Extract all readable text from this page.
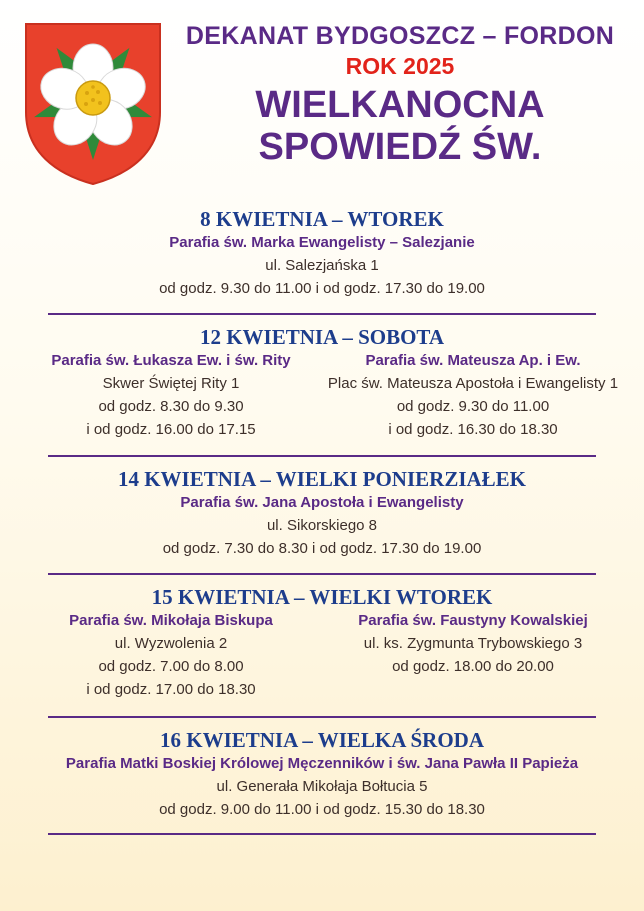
DEKANAT BYDGOSZCZ – FORDON
ROK 2025
WIELKANOCNA
SPOWIEDŹ ŚW.
8 KWIETNIA – WTOREK
Parafia św. Marka Ewangelisty – Salezjanie
ul. Salezjańska 1
od godz. 9.30 do 11.00 i od godz. 17.30 do 19.00
12 KWIETNIA – SOBOTA
Parafia św. Łukasza Ew. i św. Rity
Skwer Świętej Rity 1
od godz. 8.30 do 9.30
i od godz. 16.00 do 17.15
Parafia św. Mateusza Ap. i Ew.
Plac św. Mateusza Apostoła i Ewangelisty 1
od godz. 9.30 do 11.00
i od godz. 16.30 do 18.30
14 KWIETNIA – WIELKI PONIERZIAŁEK
Parafia św. Jana Apostoła i Ewangelisty
ul. Sikorskiego 8
od godz. 7.30 do 8.30 i od godz. 17.30 do 19.00
15 KWIETNIA – WIELKI WTOREK
Parafia św. Mikołaja Biskupa
ul. Wyzwolenia 2
od godz. 7.00 do 8.00
i od godz. 17.00 do 18.30
Parafia św. Faustyny Kowalskiej
ul. ks. Zygmunta Trybowskiego 3
od godz. 18.00 do 20.00
16 KWIETNIA – WIELKA ŚRODA
Parafia Matki Boskiej Królowej Męczenników i św. Jana Pawła II Papieża
ul. Generała Mikołaja Bołtucia 5
od godz. 9.00 do 11.00 i od godz. 15.30 do 18.30
